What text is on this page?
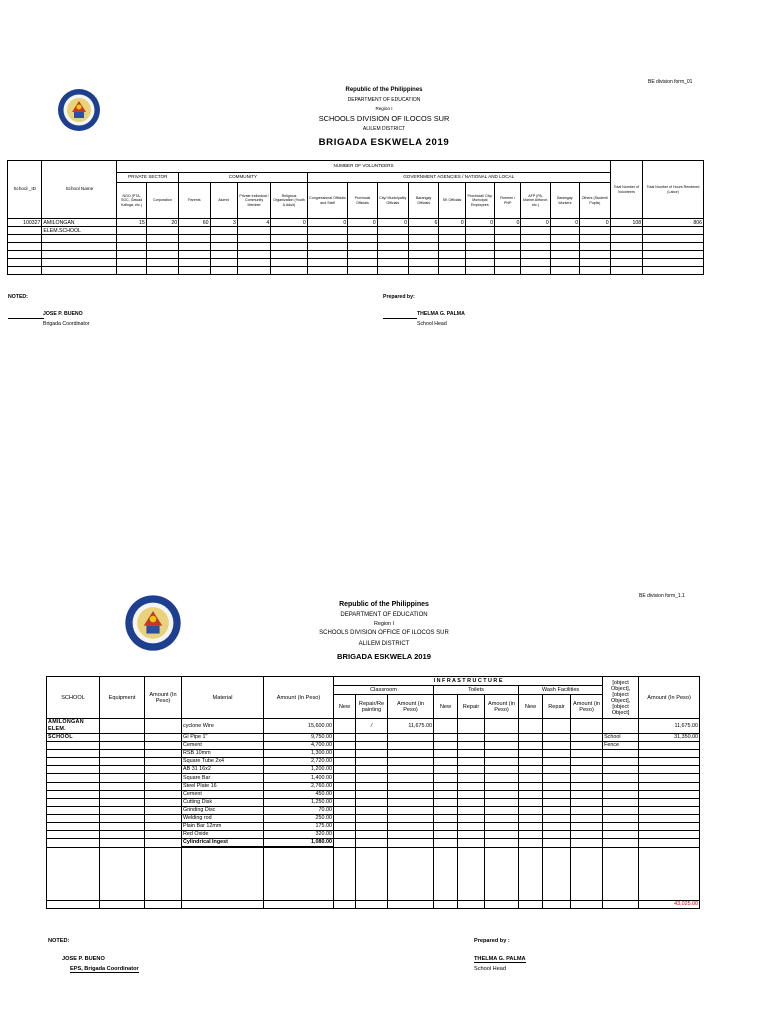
BE division form_01
Republic of the Philippines
DEPARTMENT OF EDUCATION
Region I
SCHOOLS DIVISION OF ILOCOS SUR
ALILEM DISTRICT
BRIGADA ESKWELA 2019
School _ID	School Name	NUMBER OF VOLUNTEERS																Total Number of Volunteers	Total Number of Hours Rendered (Labor)
		PRIVATE SECTOR		COMMUNITY				GOVERNMENT AGENCIES / NATIONAL AND LOCAL											
		NGO (PTA, SGC, Gawad Kalinga, etc.)	Corporation	Parents	Alumni	Private Individual / Community Member	Religious Organization (Youth & Adult)	Congressional Officials and Staff	Provincial Officials	City/ Municipality Officials	Barangay Officials	SK Officials	Provincial/ City/ Municipal Employees	Firemen / PNP	AFP (PA, Marine Airforce, etc.)	Barangay Workers	Others (Student/ Pupils)		
100327	AMILONGAN	15	20	60	3	4	0	0	0	0	6	0	0	0	0	0	0	108	806
	ELEM.SCHOOL																		

NOTED:	Prepared by:
JOSE P. BUENO
Brigada Coordinator
THELMA G. PALMA
School Head
BE division form_1.1
Republic of the Philippines
DEPARTMENT OF EDUCATION
Region I
SCHOOLS DIVISION OFFICE OF ILOCOS SUR
ALILEM DISTRICT
BRIGADA ESKWELA 2019
SCHOOL	Equipment	Amount (In Peso)	Material	Amount (In Peso)	I N F R A S T R U C T U R E									[object Object],[object Object],[object Object]	Amount (In Peso)
					Classroom			Toilets			Wash Facilities				
					New	Repair/Re painting	Amount (in Peso)	New	Repair	Amount (in Peso)	New	Repair	Amount (in Peso)		
AMILONGAN ELEM.			cyclone Wire	15,600.00		/	11,675.00								11,675.00
SCHOOL			GI Pipe 1"	9,750.00										School	31,350.00
			Cement	4,700.00										Fence	
			RSB 10mm	1,300.00											
			Square Tube 2x4	2,720.00											
			AB 31 16x2	1,200.00											
			Square Bar	1,400.00											
			Steel Plate 16	2,760.00											
			Cement	450.00											
			Cutting Disk	1,250.00											
			Grinding Disc	70.00											
			Welding rod	250.00											
			Plain Bar 12mm	175.00											
			Red Oxide	320.00											
			Cylindrical Ingest	1,080.00											

															43,025.00
NOTED:	Prepared by :
JOSE P. BUENO
EPS, Brigada Coordinator
THELMA G. PALMA
School Head
